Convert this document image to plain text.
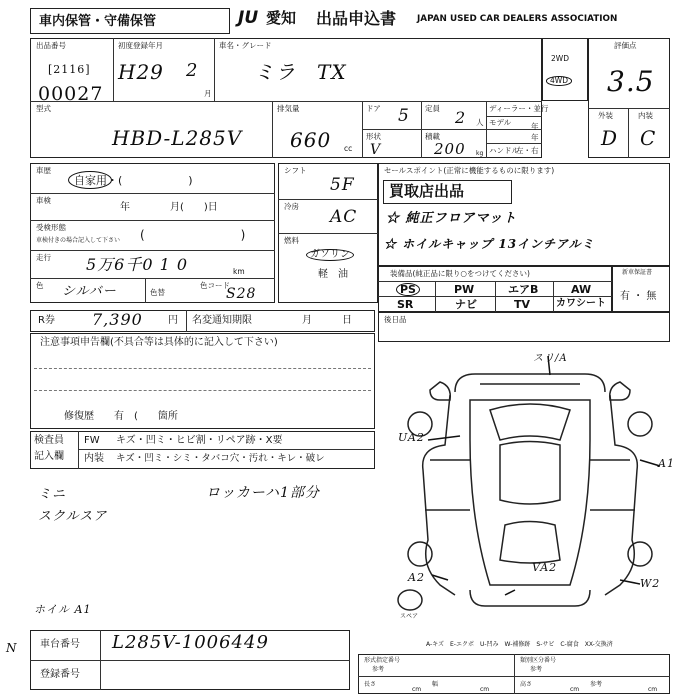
車内保管・守備保管	JU 愛知 出品申込書 JAPAN USED CAR DEALERS ASSOCIATION
出品番号
[2116]
00027
初度登録年月
H29 2
月
車名・グレード
ミラ　TX
2WD
4WD
評価点
3.5
外装	内装
D C
型式
HBD-L285V
排気量
660 cc
ドア 5 定員 2 人
形状
V
積載
200 kg
ディーラー・並行
モデル	年
年
ハンドル
左・右
車歴
自家用・(　　　　　　)
車検
年　　　　月(　　)日
受検形態
車検付きの場合記入して下さい (　　　　　　　　)
走行 5万6千0 1 0	km
色 シルバー	色替
色コード
S28
シフト
5F
冷房
AC
燃料
ガソリン
軽　油
セールスポイント(正常に機能するものに限ります)
買取店出品
☆ 純正フロアマット
☆ ホイルキャップ 13インチアルミ
装備品(純正品に限り○をつけてください)
PS	PW	エアB	AW
SR	ナビ	TV	カワシート
新車保証書
有 ・ 無
R券 7,390	円 名変通知期限	月　　　日	後日品
注意事項申告欄(不具合等は具体的に記入して下さい)
修復歴　　有　(　　箇所
検査員
記入欄
FW キズ・凹ミ・ヒビ割・リペア跡・X要
内装 キズ・凹ミ・シミ・タバコ穴・汚れ・キレ・破レ
ミニ
スクルスア
ロッカーハ1部分
ホイル A1
車台番号 L285V-1006449
登録番号
N
スリ/A
UA2
A1
VA2
A2	W2
スペア
A-キズ　E-エクボ　U-凹み　W-補修跡　S-サビ　C-腐食　XX-交換済
形式指定番号
参考
類別区分番号
参考
長さ
cm
幅
cm
高さ
cm
参考
cm
